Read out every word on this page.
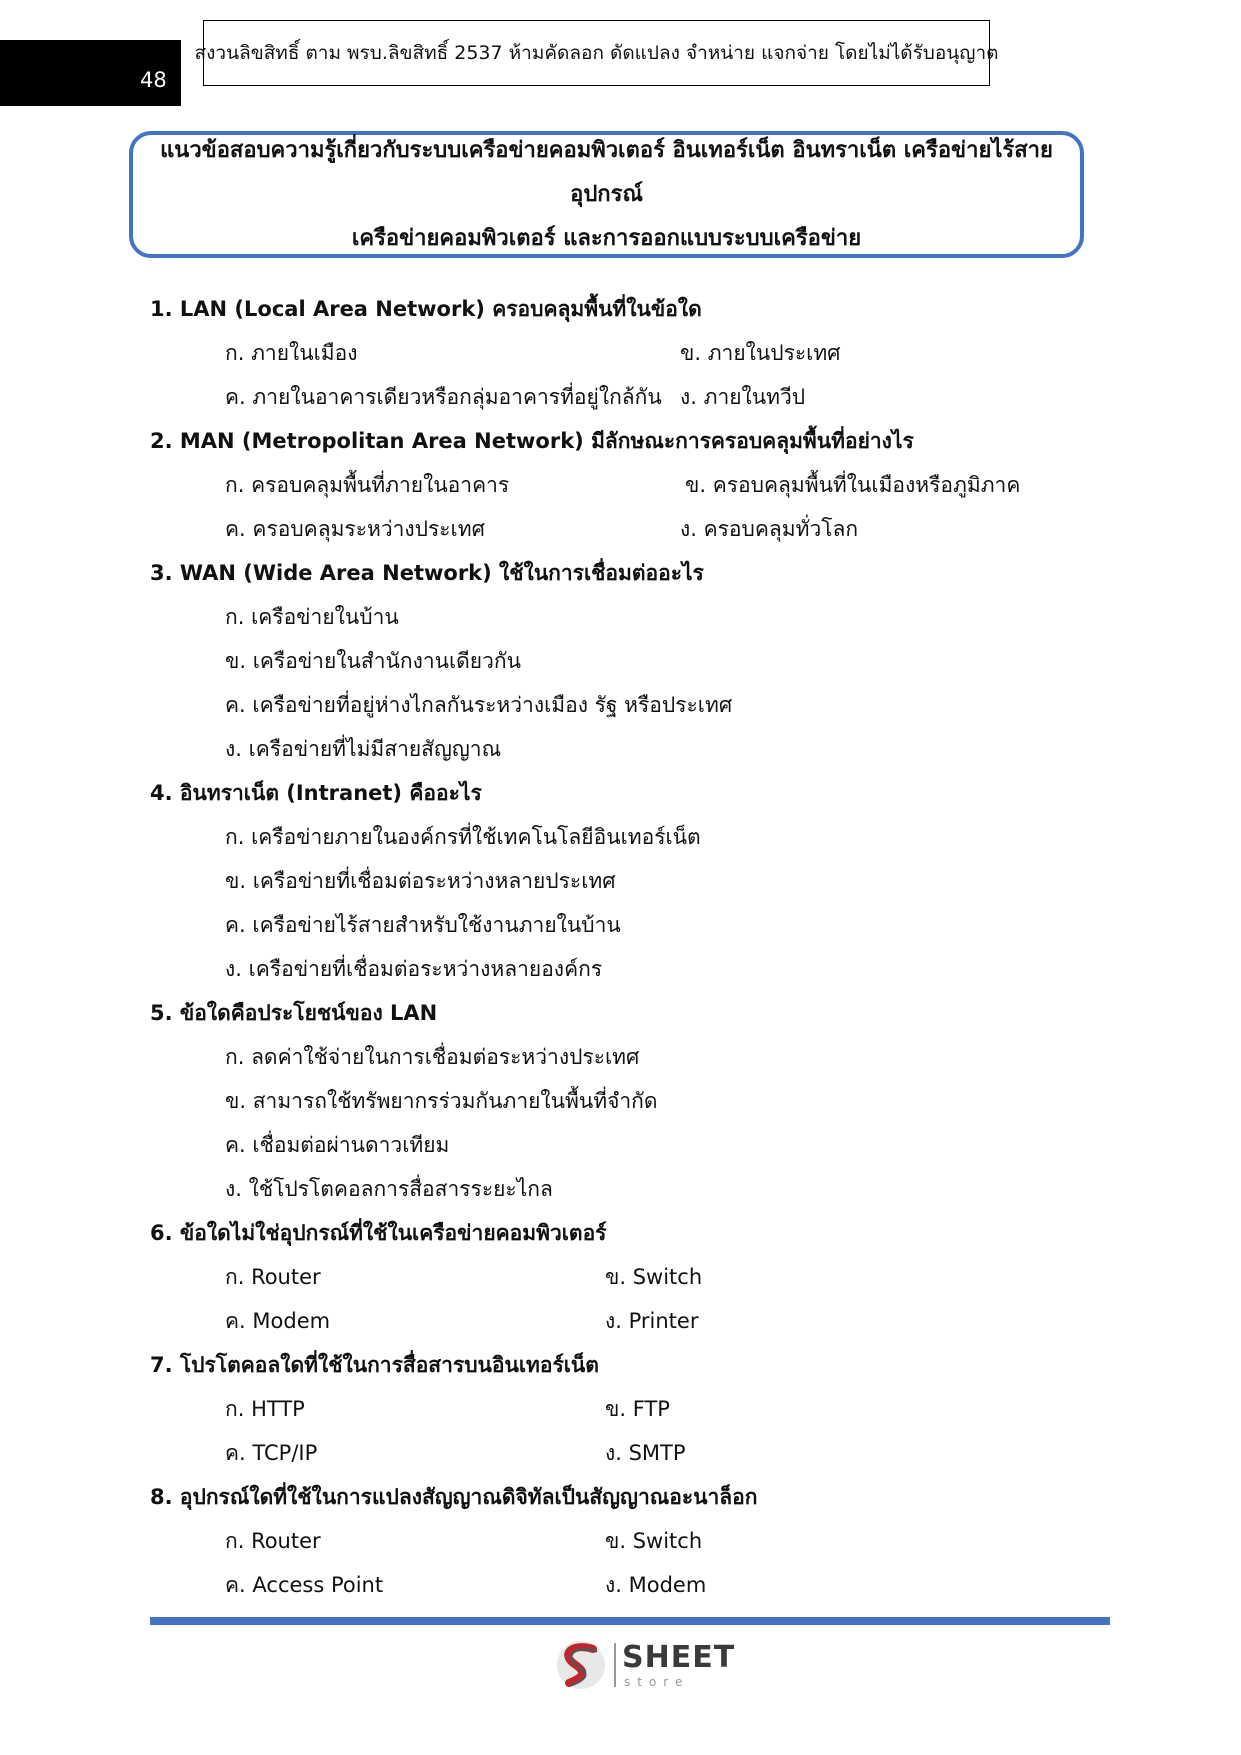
48
สงวนลิขสิทธิ์ ตาม พรบ.ลิขสิทธิ์ 2537 ห้ามคัดลอก ดัดแปลง จำหน่าย แจกจ่าย โดยไม่ได้รับอนุญาต
แนวข้อสอบความรู้เกี่ยวกับระบบเครือข่ายคอมพิวเตอร์ อินเทอร์เน็ต อินทราเน็ต เครือข่ายไร้สายอุปกรณ์
เครือข่ายคอมพิวเตอร์ และการออกแบบระบบเครือข่าย
1. LAN (Local Area Network) ครอบคลุมพื้นที่ในข้อใด
ก. ภายในเมือง	ข. ภายในประเทศ
ค. ภายในอาคารเดียวหรือกลุ่มอาคารที่อยู่ใกล้กัน ง. ภายในทวีป
2. MAN (Metropolitan Area Network) มีลักษณะการครอบคลุมพื้นที่อย่างไร
ก. ครอบคลุมพื้นที่ภายในอาคาร	ข. ครอบคลุมพื้นที่ในเมืองหรือภูมิภาค
ค. ครอบคลุมระหว่างประเทศ	ง. ครอบคลุมทั่วโลก
3. WAN (Wide Area Network) ใช้ในการเชื่อมต่ออะไร
ก. เครือข่ายในบ้าน
ข. เครือข่ายในสำนักงานเดียวกัน
ค. เครือข่ายที่อยู่ห่างไกลกันระหว่างเมือง รัฐ หรือประเทศ
ง. เครือข่ายที่ไม่มีสายสัญญาณ
4. อินทราเน็ต (Intranet) คืออะไร
ก. เครือข่ายภายในองค์กรที่ใช้เทคโนโลยีอินเทอร์เน็ต
ข. เครือข่ายที่เชื่อมต่อระหว่างหลายประเทศ
ค. เครือข่ายไร้สายสำหรับใช้งานภายในบ้าน
ง. เครือข่ายที่เชื่อมต่อระหว่างหลายองค์กร
5. ข้อใดคือประโยชน์ของ LAN
ก. ลดค่าใช้จ่ายในการเชื่อมต่อระหว่างประเทศ
ข. สามารถใช้ทรัพยากรร่วมกันภายในพื้นที่จำกัด
ค. เชื่อมต่อผ่านดาวเทียม
ง. ใช้โปรโตคอลการสื่อสารระยะไกล
6. ข้อใดไม่ใช่อุปกรณ์ที่ใช้ในเครือข่ายคอมพิวเตอร์
ก. Router	ข. Switch
ค. Modem	ง. Printer
7. โปรโตคอลใดที่ใช้ในการสื่อสารบนอินเทอร์เน็ต
ก. HTTP	ข. FTP
ค. TCP/IP	ง. SMTP
8. อุปกรณ์ใดที่ใช้ในการแปลงสัญญาณดิจิทัลเป็นสัญญาณอะนาล็อก
ก. Router	ข. Switch
ค. Access Point	ง. Modem
SHEET
store
